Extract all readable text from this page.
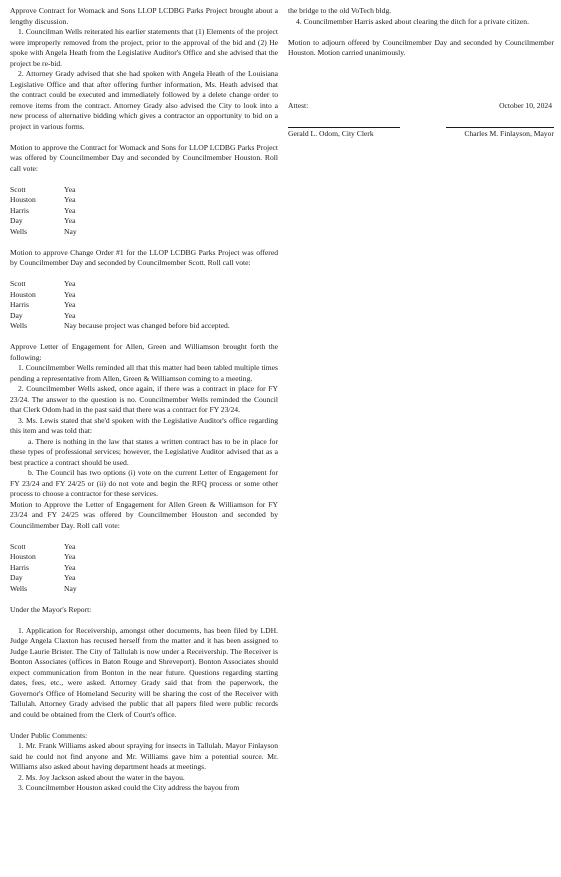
Approve Contract for Womack and Sons LLOP LCDBG Parks Project brought about a lengthy discussion.

1. Councilman Wells reiterated his earlier statements that (1) Elements of the project were improperly removed from the project, prior to the approval of the bid and (2) He spoke with Angela Heath from the Legislative Auditor's Office and she advised that the project be re-bid.

2. Attorney Grady advised that she had spoken with Angela Heath of the Louisiana Legislative Office and that after offering further information, Ms. Heath advised that the contract could be executed and immediately followed by a delete change order to remove items from the contract. Attorney Grady also advised the City to look into a new process of alternative bidding which gives a contractor an opportunity to bid on a project in various forms.

Motion to approve the Contract for Womack and Sons for LLOP LCDBG Parks Project was offered by Councilmember Day and seconded by Councilmember Houston. Roll call vote:

Scott	Yea
Houston	Yea
Harris	Yea
Day	Yea
Wells	Nay

Motion to approve Change Order #1 for the LLOP LCDBG Parks Project was offered by Councilmember Day and seconded by Councilmember Scott. Roll call vote:

Scott	Yea
Houston	Yea
Harris	Yea
Day	Yea
Wells	Nay because project was changed before bid accepted.

Approve Letter of Engagement for Allen, Green and Williamson brought forth the following:

1. Councilmember Wells reminded all that this matter had been tabled multiple times pending a representative from Allen, Green & Williamson coming to a meeting.

2. Councilmember Wells asked, once again, if there was a contract in place for FY 23/24. The answer to the question is no. Councilmember Wells reminded the Council that Clerk Odom had in the past said that there was a contract for FY 23/24.

3. Ms. Lewis stated that she'd spoken with the Legislative Auditor's office regarding this item and was told that:

a. There is nothing in the law that states a written contract has to be in place for these types of professional services; however, the Legislative Auditor advised that as a best practice a contract should be used.

b. The Council has two options (i) vote on the current Letter of Engagement for FY 23/24 and FY 24/25 or (ii) do not vote and begin the RFQ process or some other process to choose a contractor for these services.

Motion to Approve the Letter of Engagement for Allen Green & Williamson for FY 23/24 and FY 24/25 was offered by Councilmember Houston and seconded by Councilmember Day. Roll call vote:

Scott	Yea
Houston	Yea
Harris	Yea
Day	Yea
Wells	Nay

Under the Mayor's Report:

1. Application for Receivership, amongst other documents, has been filed by LDH. Judge Angela Claxton has recused herself from the matter and it has been assigned to Judge Laurie Brister. The City of Tallulah is now under a Receivership. The Receiver is Bonton Associates (offices in Baton Rouge and Shreveport). Bonton Associates should expect communication from Bonton in the near future. Questions regarding starting dates, fees, etc., were asked. Attorney Grady said that from the paperwork, the Governor's Office of Homeland Security will be sharing the cost of the Receiver with Tallulah. Attorney Grady advised the public that all papers filed were public records and could be obtained from the Clerk of Court's office.

Under Public Comments:

1. Mr. Frank Williams asked about spraying for insects in Tallulah. Mayor Finlayson said he could not find anyone and Mr. Williams gave him a potential source. Mr. Williams also asked about having department heads at meetings.

2. Ms. Joy Jackson asked about the water in the bayou.

3. Councilmember Houston asked could the City address the bayou from

the bridge to the old VoTech bldg.

4. Councilmember Harris asked about clearing the ditch for a private citizen.

Motion to adjourn offered by Councilmember Day and seconded by Councilmember Houston. Motion carried unanimously.

Attest:	October 10, 2024
Gerald L. Odom, City Clerk	Charles M. Finlayson, Mayor
